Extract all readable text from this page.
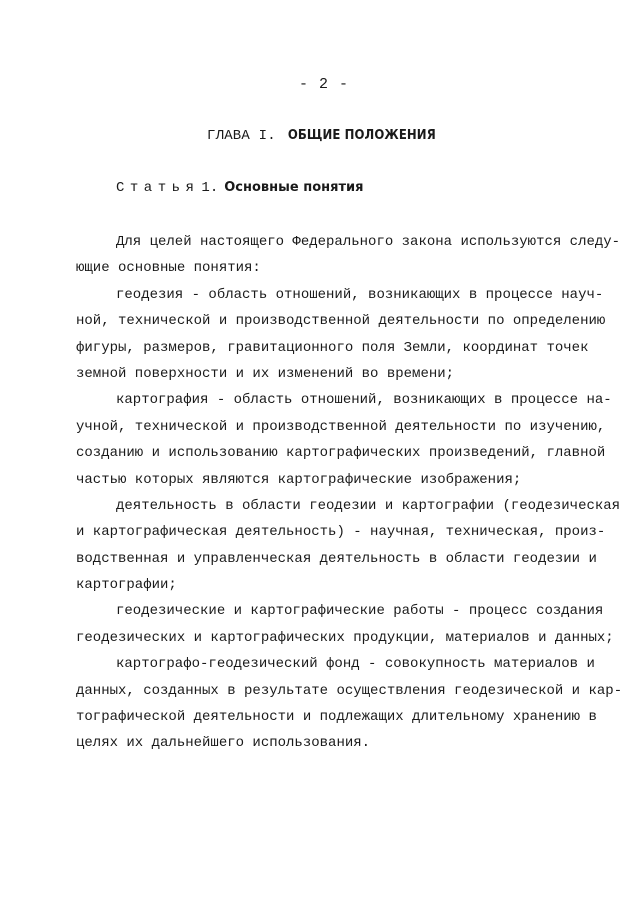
- 2 -
ГЛАВА I. ОБЩИЕ ПОЛОЖЕНИЯ
Статья 1. Основные понятия
Для целей настоящего Федерального закона используются следу-
ющие основные понятия:
геодезия - область отношений, возникающих в процессе науч-
ной, технической и производственной деятельности по определению
фигуры, размеров, гравитационного поля Земли, координат точек
земной поверхности и их изменений во времени;
картография - область отношений, возникающих в процессе на-
учной, технической и производственной деятельности по изучению,
созданию и использованию картографических произведений, главной
частью которых являются картографические изображения;
деятельность в области геодезии и картографии (геодезическая
и картографическая деятельность) - научная, техническая, произ-
водственная и управленческая деятельность в области геодезии и
картографии;
геодезические и картографические работы - процесс создания
геодезических и картографических продукции, материалов и данных;
картографо-геодезический фонд - совокупность материалов и
данных, созданных в результате осуществления геодезической и кар-
тографической деятельности и подлежащих длительному хранению в
целях их дальнейшего использования.
